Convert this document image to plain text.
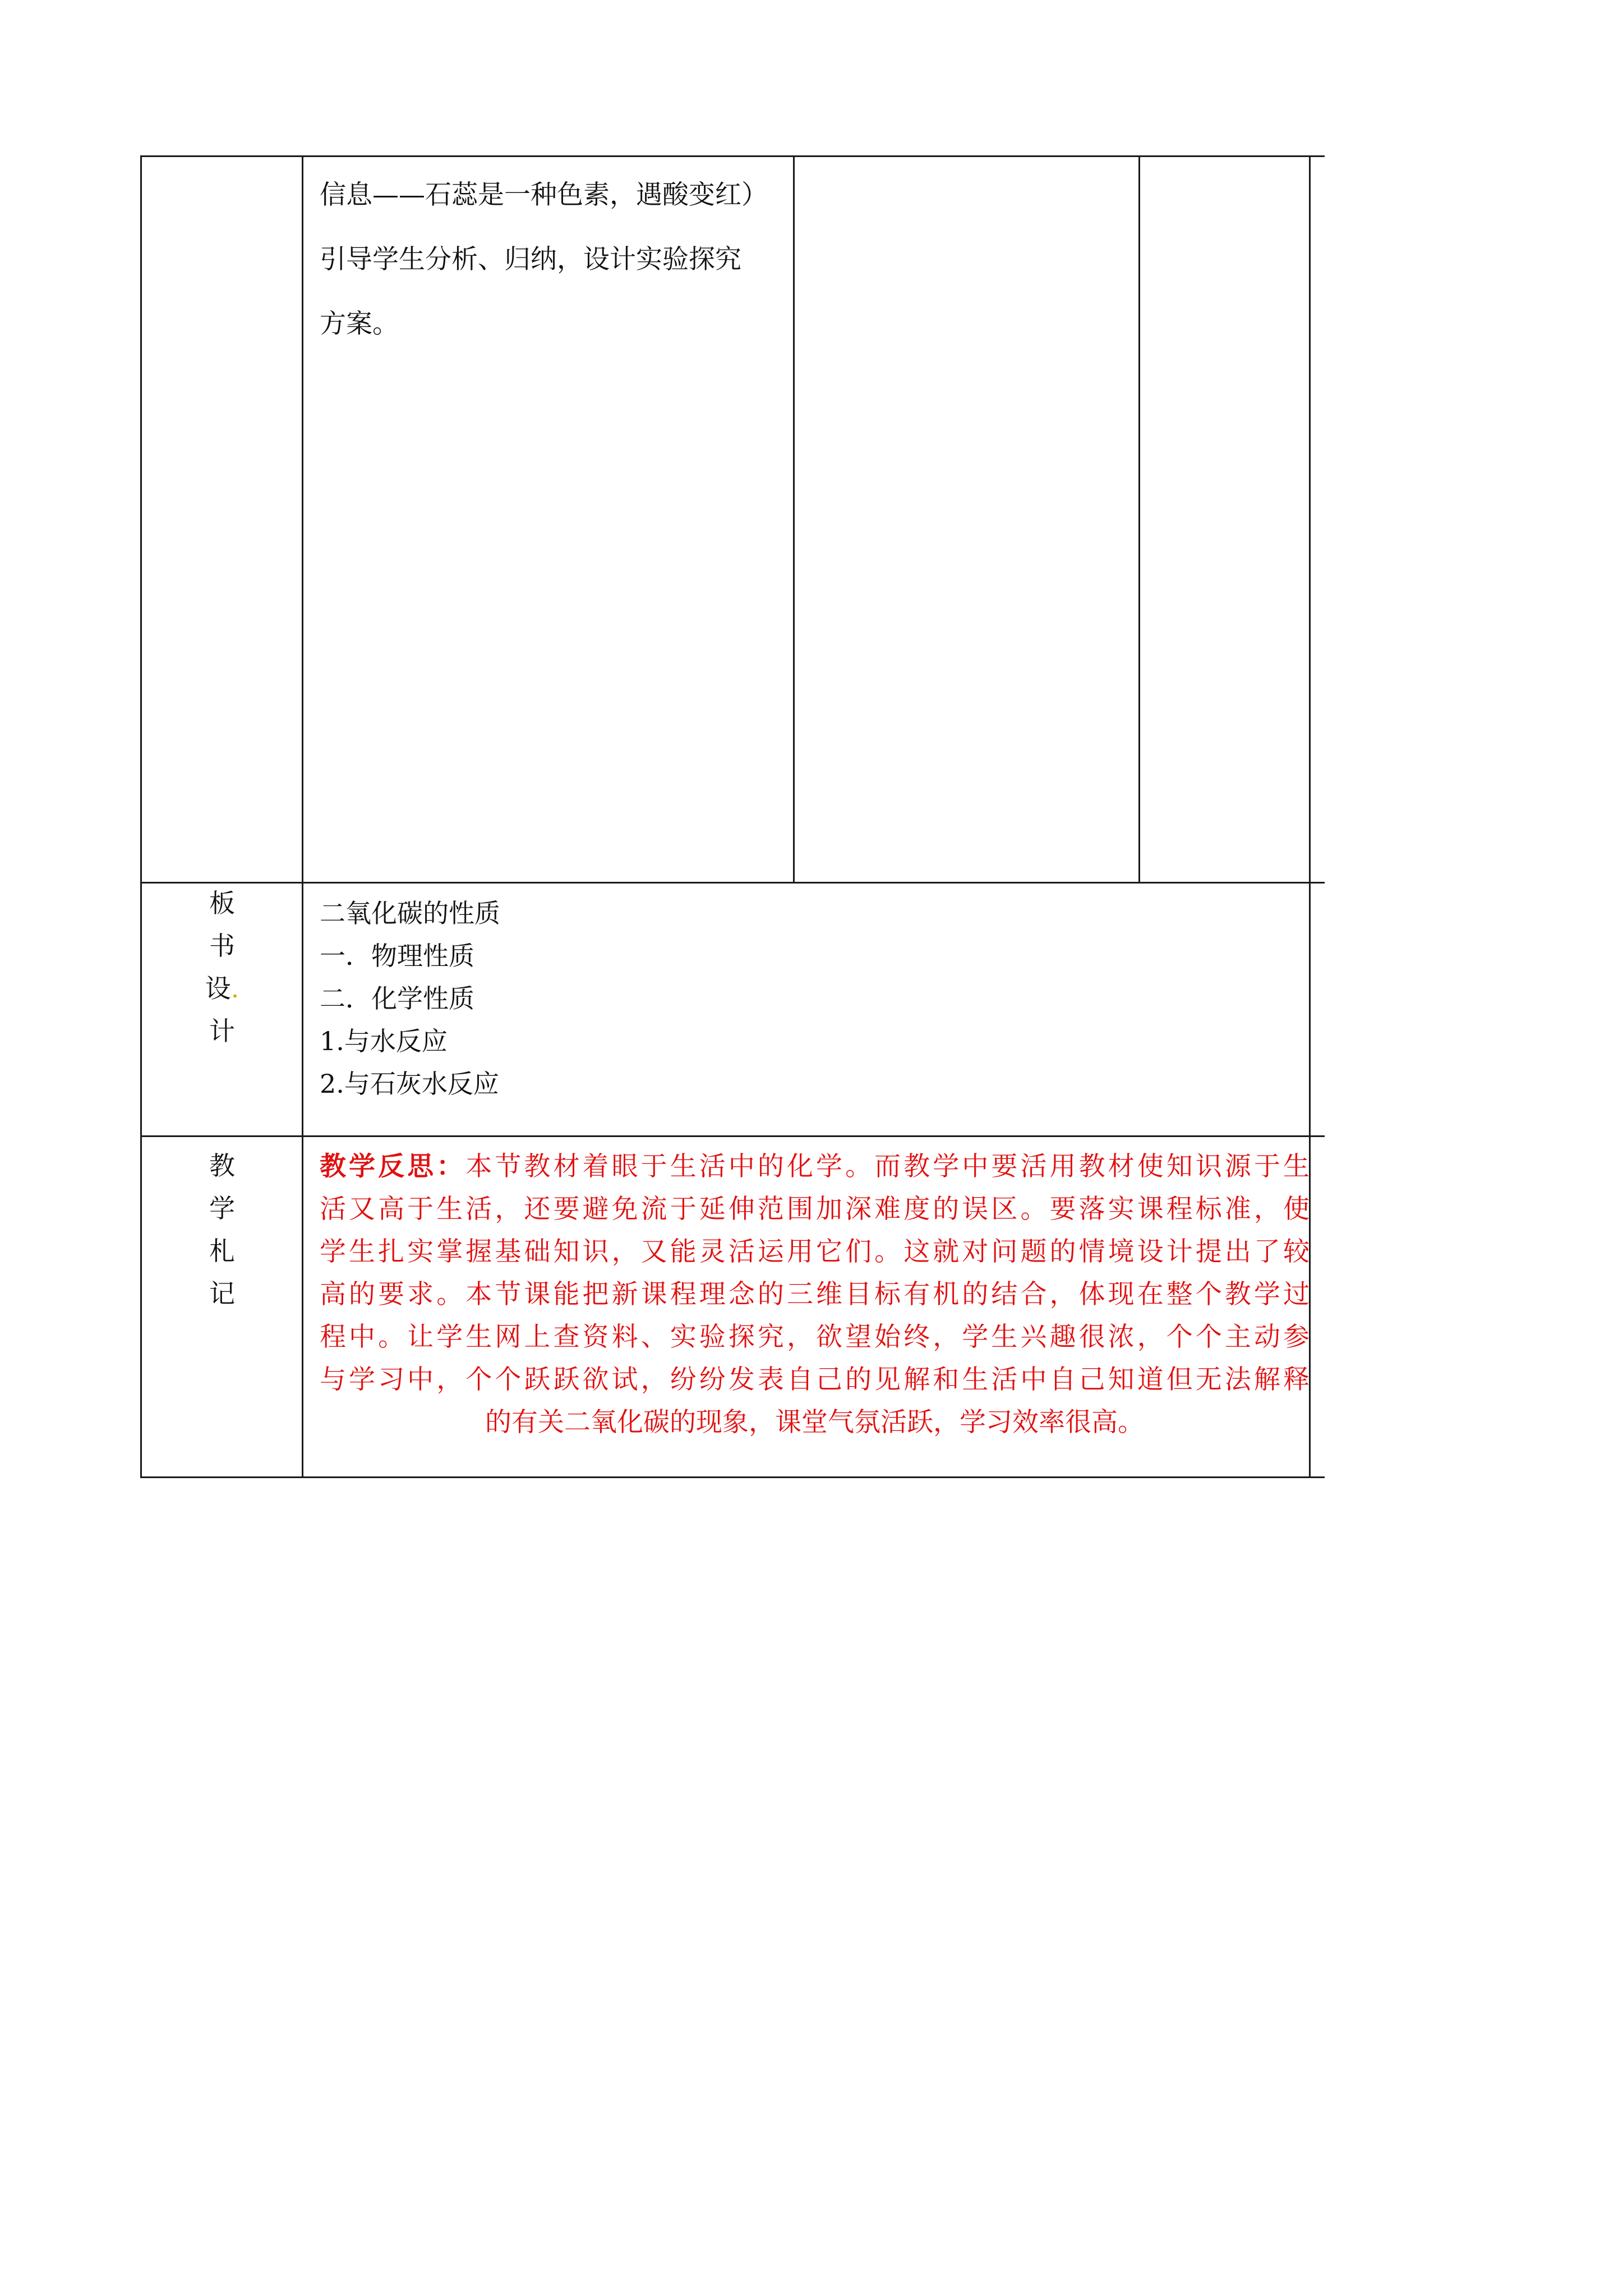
信息——石蕊是一种色素，遇酸变红）
引导学生分析、归纳，设计实验探究
方案。
板
书
设.
计
二氧化碳的性质
一．物理性质
二．化学性质
1.与水反应
2.与石灰水反应
教
学
札
记
教学反思：本节教材着眼于生活中的化学。而教学中要活用教材使知识源于生
活又高于生活，还要避免流于延伸范围加深难度的误区。要落实课程标准，使
学生扎实掌握基础知识，又能灵活运用它们。这就对问题的情境设计提出了较
高的要求。本节课能把新课程理念的三维目标有机的结合，体现在整个教学过
程中。让学生网上查资料、实验探究，欲望始终，学生兴趣很浓，个个主动参
与学习中，个个跃跃欲试，纷纷发表自己的见解和生活中自己知道但无法解释
的有关二氧化碳的现象，课堂气氛活跃，学习效率很高。
